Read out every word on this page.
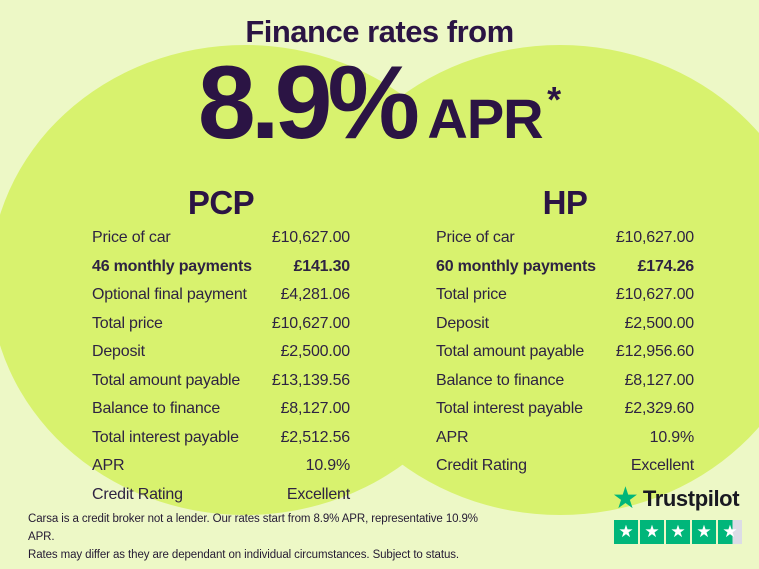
Finance rates from
8.9% APR *
PCP
Price of car	£10,627.00
46 monthly payments	£141.30
Optional final payment £4,281.06
Total price	£10,627.00
Deposit	£2,500.00
Total amount payable £13,139.56
Balance to finance	£8,127.00
Total interest payable	£2,512.56
APR	10.9%
Credit Rating	Excellent
HP
Price of car	£10,627.00
60 monthly payments	£174.26
Total price	£10,627.00
Deposit	£2,500.00
Total amount payable £12,956.60
Balance to finance	£8,127.00
Total interest payable	£2,329.60
APR	10.9%
Credit Rating	Excellent
Carsa is a credit broker not a lender. Our rates start from 8.9% APR, representative 10.9% APR.
Rates may differ as they are dependant on individual circumstances. Subject to status.
★ Trustpilot
★ ★ ★ ★ ★
